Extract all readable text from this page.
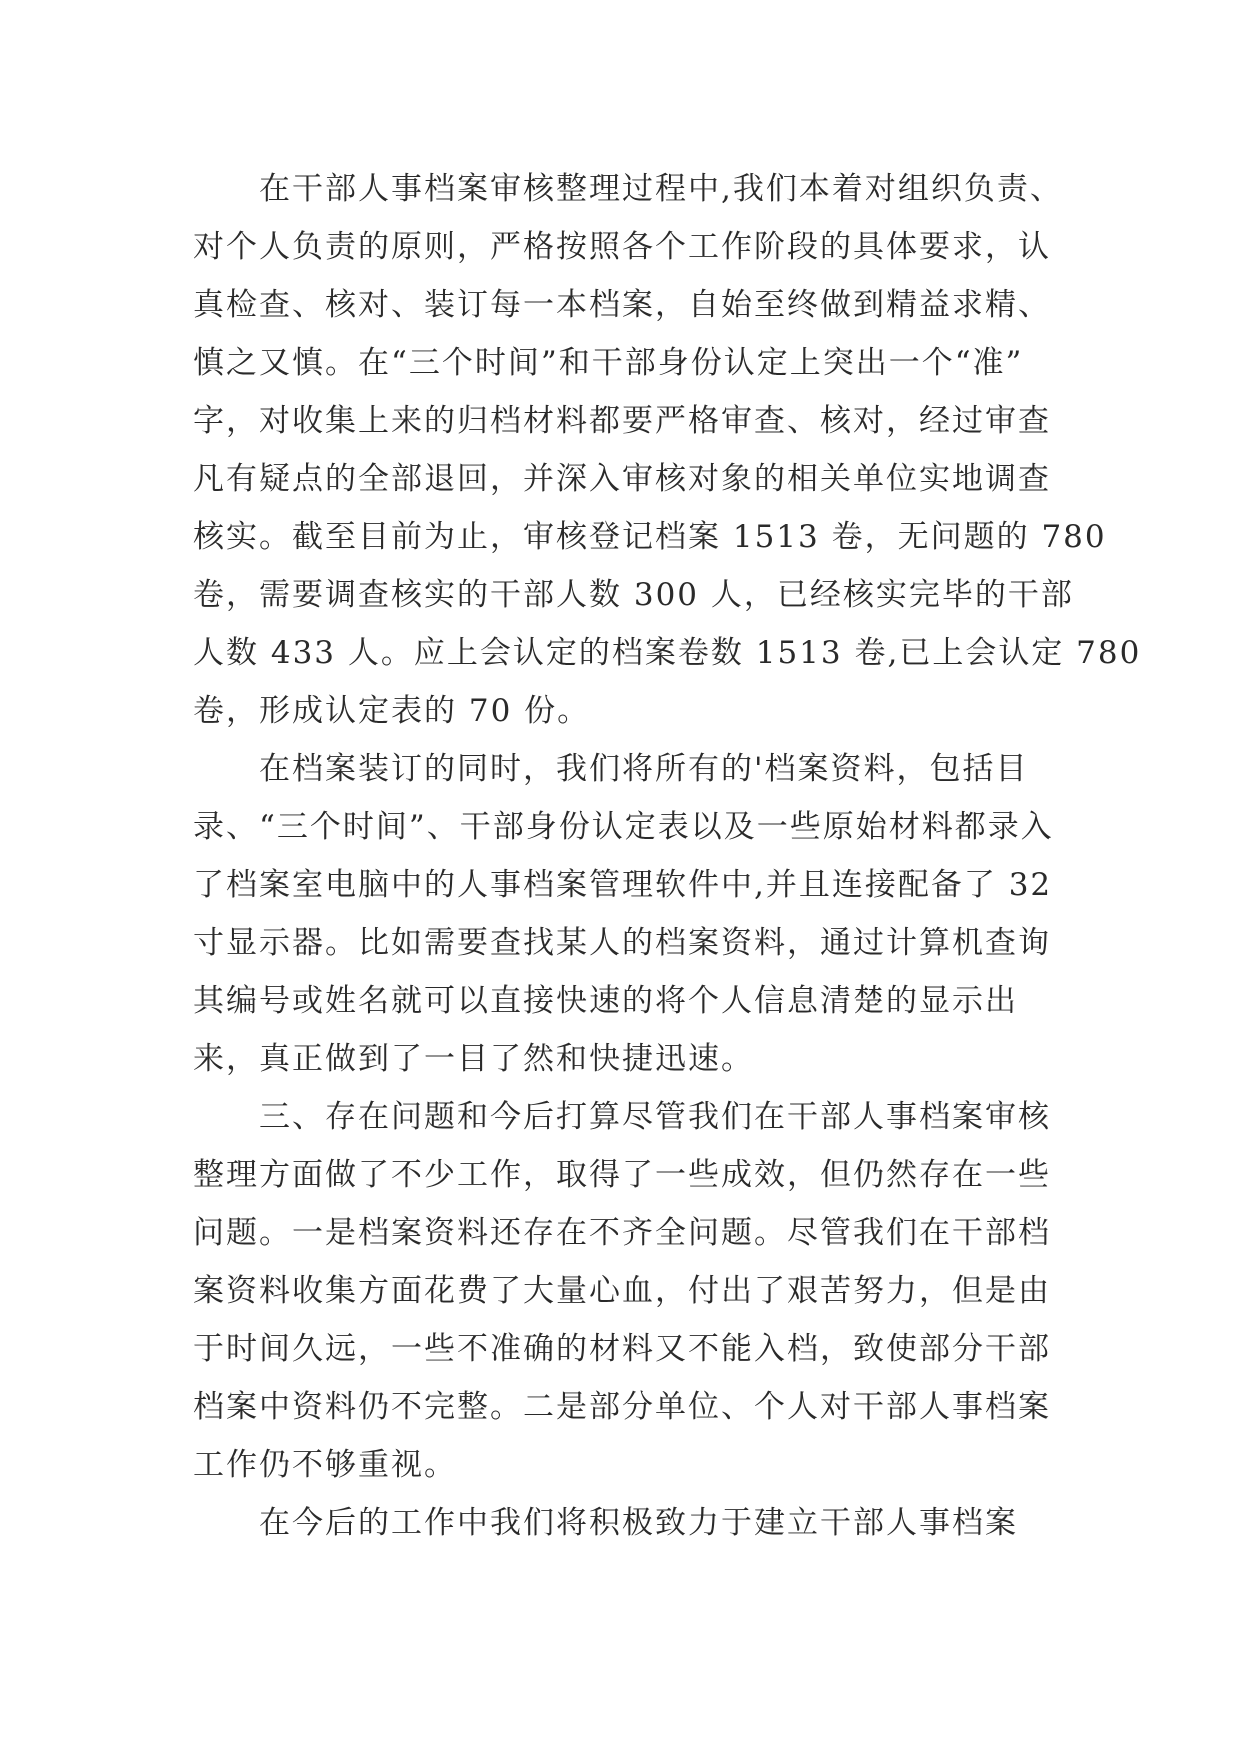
在干部人事档案审核整理过程中,我们本着对组织负责、
对个人负责的原则，严格按照各个工作阶段的具体要求，认
真检查、核对、装订每一本档案，自始至终做到精益求精、
慎之又慎。在“三个时间”和干部身份认定上突出一个“准”
字，对收集上来的归档材料都要严格审查、核对，经过审查
凡有疑点的全部退回，并深入审核对象的相关单位实地调查
核实。截至目前为止，审核登记档案 1513 卷，无问题的 780
卷，需要调查核实的干部人数 300 人，已经核实完毕的干部
人数 433 人。应上会认定的档案卷数 1513 卷,已上会认定 780
卷，形成认定表的 70 份。
在档案装订的同时，我们将所有的'档案资料，包括目
录、“三个时间”、干部身份认定表以及一些原始材料都录入
了档案室电脑中的人事档案管理软件中,并且连接配备了 32
寸显示器。比如需要查找某人的档案资料，通过计算机查询
其编号或姓名就可以直接快速的将个人信息清楚的显示出
来，真正做到了一目了然和快捷迅速。
三、存在问题和今后打算尽管我们在干部人事档案审核
整理方面做了不少工作，取得了一些成效，但仍然存在一些
问题。一是档案资料还存在不齐全问题。尽管我们在干部档
案资料收集方面花费了大量心血，付出了艰苦努力，但是由
于时间久远，一些不准确的材料又不能入档，致使部分干部
档案中资料仍不完整。二是部分单位、个人对干部人事档案
工作仍不够重视。
在今后的工作中我们将积极致力于建立干部人事档案
